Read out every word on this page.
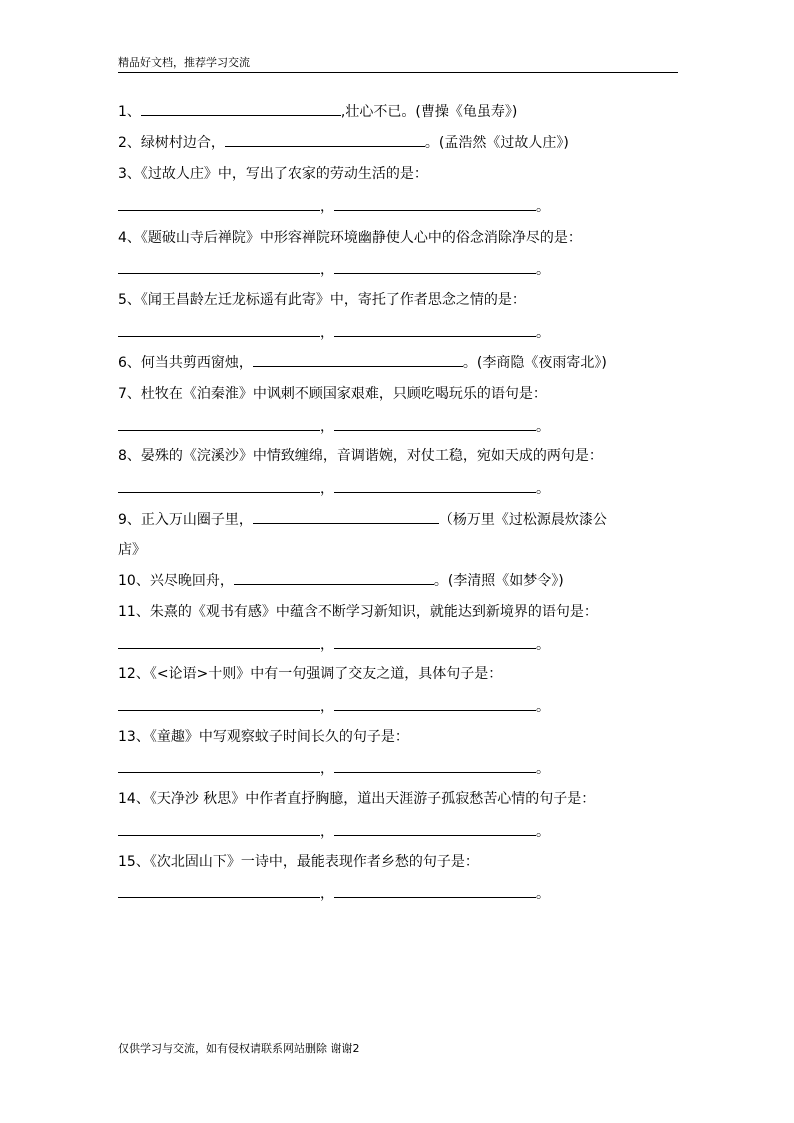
精品好文档，推荐学习交流
1、	,壮心不已。(曹操《龟虽寿》)
2、绿树村边合，	。(孟浩然《过故人庄》)
3、《过故人庄》中，写出了农家的劳动生活的是：
，	。
4、《题破山寺后禅院》中形容禅院环境幽静使人心中的俗念消除净尽的是：
，	。
5、《闻王昌龄左迁龙标遥有此寄》中，寄托了作者思念之情的是：
，	。
6、何当共剪西窗烛，	。(李商隐《夜雨寄北》)
7、杜牧在《泊秦淮》中讽刺不顾国家艰难，只顾吃喝玩乐的语句是：
，	。
8、晏殊的《浣溪沙》中情致缠绵，音调谐婉，对仗工稳，宛如天成的两句是：
，	。
9、正入万山圈子里，	（杨万里《过松源晨炊漆公
店》
10、兴尽晚回舟，	。(李清照《如梦令》)
11、朱熹的《观书有感》中蕴含不断学习新知识，就能达到新境界的语句是：
，	。
12、《<论语>十则》中有一句强调了交友之道，具体句子是：
，	。
13、《童趣》中写观察蚊子时间长久的句子是：
，	。
14、《天净沙 秋思》中作者直抒胸臆，道出天涯游子孤寂愁苦心情的句子是：
，	。
15、《次北固山下》一诗中，最能表现作者乡愁的句子是：
，	。
仅供学习与交流，如有侵权请联系网站删除 谢谢2
